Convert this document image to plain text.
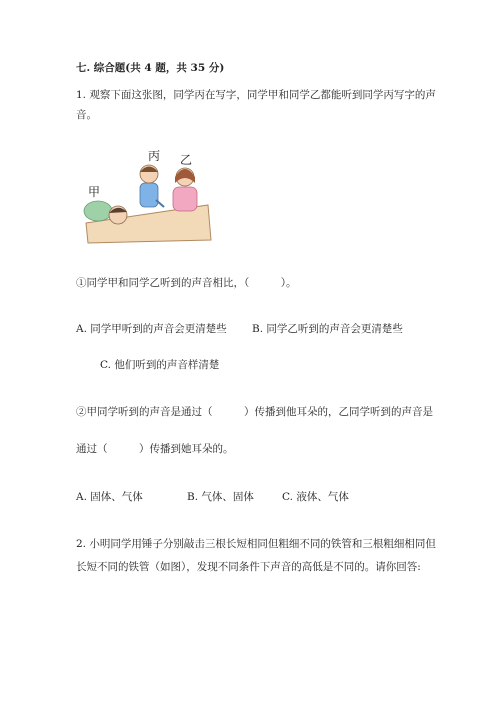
七. 综合题(共 4 题，共 35 分)
1. 观察下面这张图，同学丙在写字，同学甲和同学乙都能听到同学丙写字的声
音。
丙 乙
甲
①同学甲和同学乙听到的声音相比，（　　　）。
A. 同学甲听到的声音会更清楚些 B. 同学乙听到的声音会更清楚些
C. 他们听到的声音样清楚
②甲同学听到的声音是通过（　　　）传播到他耳朵的，乙同学听到的声音是
通过（　　　）传播到她耳朵的。
A. 固体、气体	B. 气体、固体	C. 液体、气体
2. 小明同学用锤子分别敲击三根长短相同但粗细不同的铁管和三根粗细相同但
长短不同的铁管（如图），发现不同条件下声音的高低是不同的。请你回答:
